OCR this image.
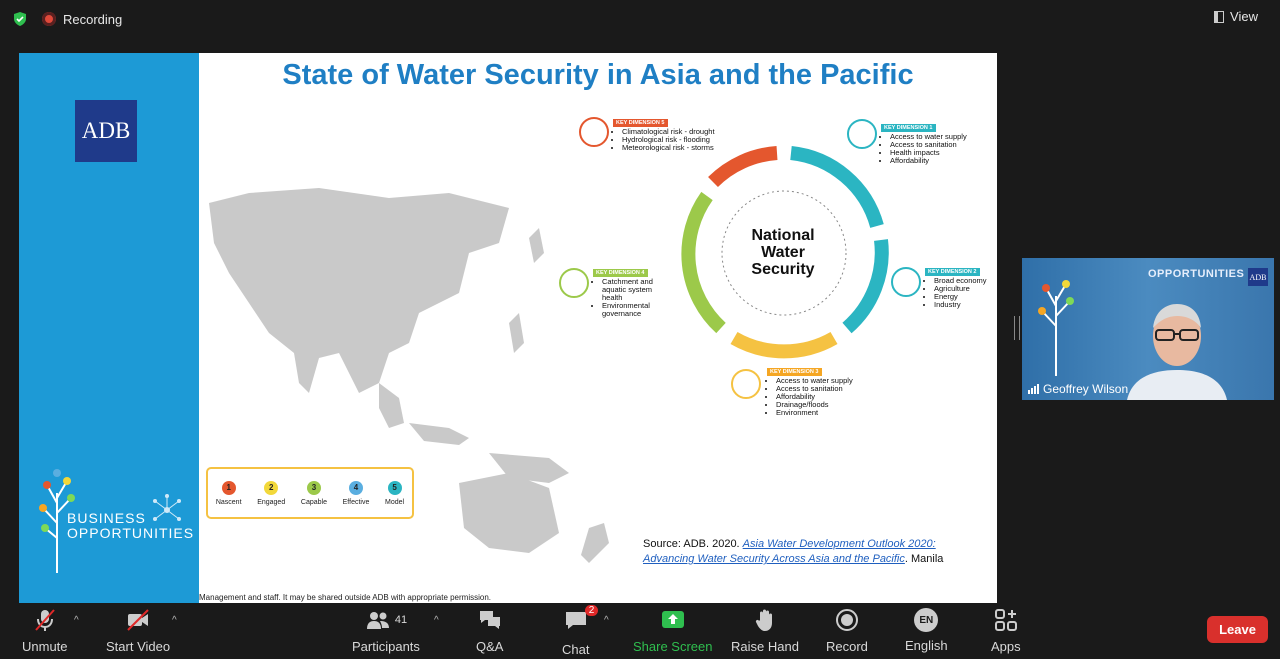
Recording	View
ADB
BUSINESS
OPPORTUNITIES
State of Water Security in Asia and the Pacific
1
Nascent
2
Engaged
3
Capable
4
Effective
5
Model
National
Water
Security
KEY DIMENSION 5
• Climatological risk - drought
• Hydrological risk - flooding
• Meteorological risk - storms
KEY DIMENSION 1
• Access to water supply
• Access to sanitation
• Health impacts
• Affordability
KEY DIMENSION 4
• Catchment and aquatic system health
• Environmental governance
KEY DIMENSION 2
• Broad economy
• Agriculture
• Energy
• Industry
KEY DIMENSION 3
• Access to water supply
• Access to sanitation
• Affordability
• Drainage/floods
• Environment
Source: ADB. 2020. Asia Water Development Outlook 2020: Advancing Water Security Across Asia and the Pacific. Manila
Management and staff. It may be shared outside ADB with appropriate permission.
OPPORTUNITIES ADB
Geoffrey Wilson
Unmute
^
Start Video
^	41
Participants
^
Q&A
2
Chat
^
Share Screen Raise Hand Record
EN
English	Apps
Leave
